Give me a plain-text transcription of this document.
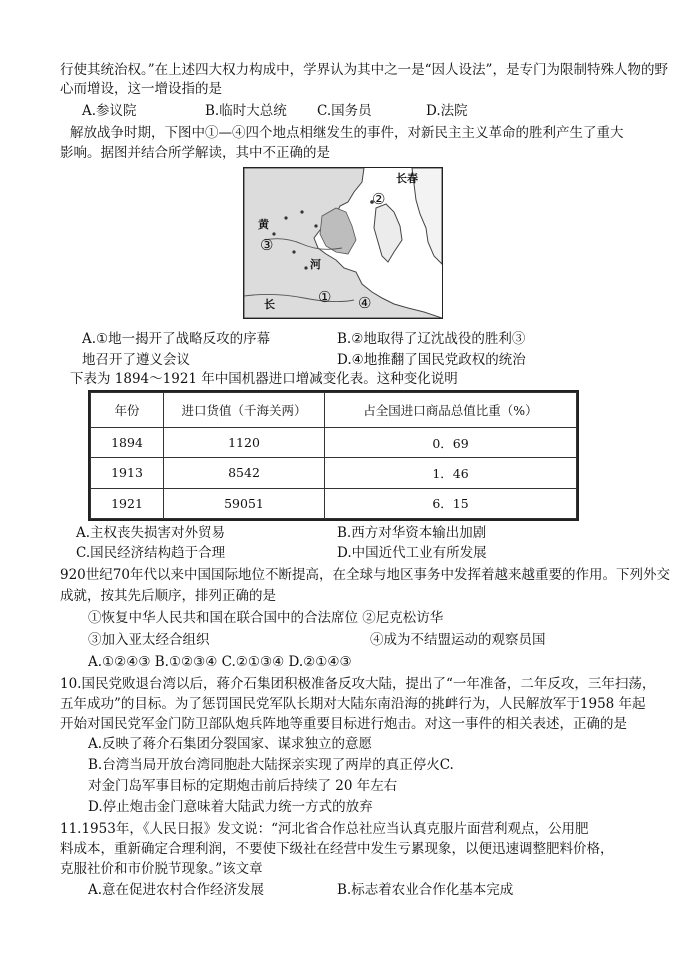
行使其统治权。”在上述四大权力构成中，学界认为其中之一是“因人设法”，是专门为限制特殊人物的野
心而增设，这一增设指的是
A.参议院	B.临时大总统 C.国务员	D.法院
解放战争时期，下图中①—④四个地点相继发生的事件，对新民主主义革命的胜利产生了重大
影响。据图并结合所学解读，其中不正确的是
长春
黄
河
长	①
②
③
④
A.①地一揭开了战略反攻的序幕	B.②地取得了辽沈战役的胜利③
地召开了遵义会议	D.④地推翻了国民党政权的统治
下表为 1894～1921 年中国机器进口增减变化表。这种变化说明
年份	进口货值（千海关两）	占全国进口商品总值比重（%）
1894	1120	0．69
1913	8542	1．46
1921	59051	6．15
A.主权丧失损害对外贸易	B.西方对华资本输出加剧
C.国民经济结构趋于合理	D.中国近代工业有所发展
920世纪70年代以来中国国际地位不断提高，在全球与地区事务中发挥着越来越重要的作用。下列外交
成就，按其先后顺序，排列正确的是
①恢复中华人民共和国在联合国中的合法席位 ②尼克松访华
③加入亚太经合组织	④成为不结盟运动的观察员国
A.①②④③ B.①②③④ C.②①③④ D.②①④③
10.国民党败退台湾以后，蒋介石集团积极准备反攻大陆，提出了“一年准备，二年反攻，三年扫荡，
五年成功”的目标。为了惩罚国民党军队长期对大陆东南沿海的挑衅行为，人民解放军于1958 年起
开始对国民党军金门防卫部队炮兵阵地等重要目标进行炮击。对这一事件的相关表述，正确的是
A.反映了蒋介石集团分裂国家、谋求独立的意愿
B.台湾当局开放台湾同胞赴大陆探亲实现了两岸的真正停火C.
对金门岛军事目标的定期炮击前后持续了 20 年左右
D.停止炮击金门意味着大陆武力统一方式的放弃
11.1953年，《人民日报》发文说：“河北省合作总社应当认真克服片面营利观点，公用肥
料成本，重新确定合理利润，不要使下级社在经营中发生亏累现象，以便迅速调整肥料价格，
克服社价和市价脱节现象。”该文章
A.意在促进农村合作经济发展	B.标志着农业合作化基本完成
